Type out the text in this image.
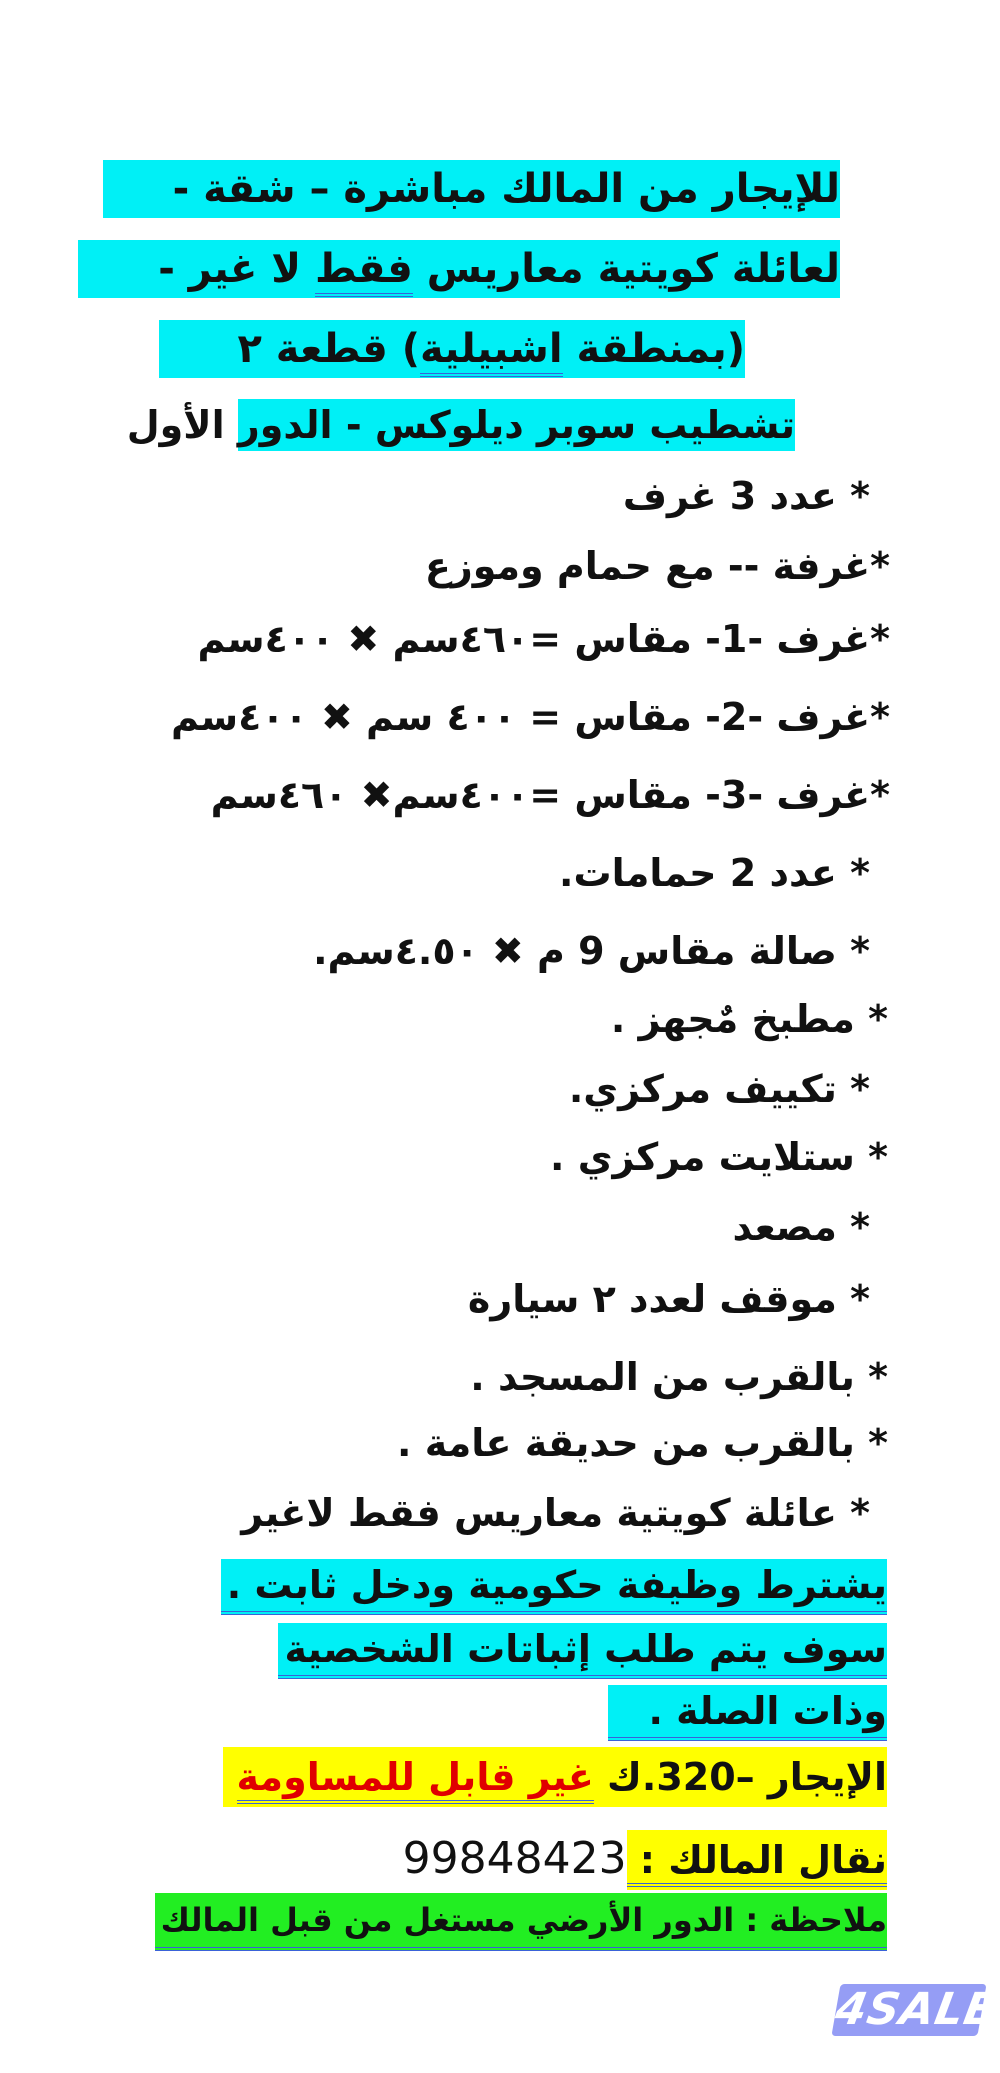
للإيجار من المالك مباشرة – شقة -
لعائلة كويتية معاريس فقط لا غير -
(بمنطقة اشبيلية) قطعة ٢
تشطيب سوبر ديلوكس - الدور الأول
* عدد 3 غرف
*غرفة -- مع حمام وموزع
*غرف -1- مقاس =٤٦٠سم ✖ ٤٠٠سم
*غرف -2- مقاس = ٤٠٠ سم ✖ ٤٠٠سم
*غرف -3- مقاس =٤٠٠سم✖ ٤٦٠سم
* عدد 2 حمامات.
* صالة مقاس 9 م ✖ ٤.٥٠سم.
* مطبخ مٌجهز .
* تكييف مركزي.
* ستلايت مركزي .
* مصعد
* موقف لعدد ٢ سيارة
* بالقرب من المسجد .
* بالقرب من حديقة عامة .
* عائلة كويتية معاريس فقط لاغير
يشترط وظيفة حكومية ودخل ثابت .
سوف يتم طلب إثباتات الشخصية
وذات الصلة .
الإيجار –320.ك غير قابل للمساومة
نقال المالك : 99848423
ملاحظة : الدور الأرضي مستغل من قبل المالك
4SALE
